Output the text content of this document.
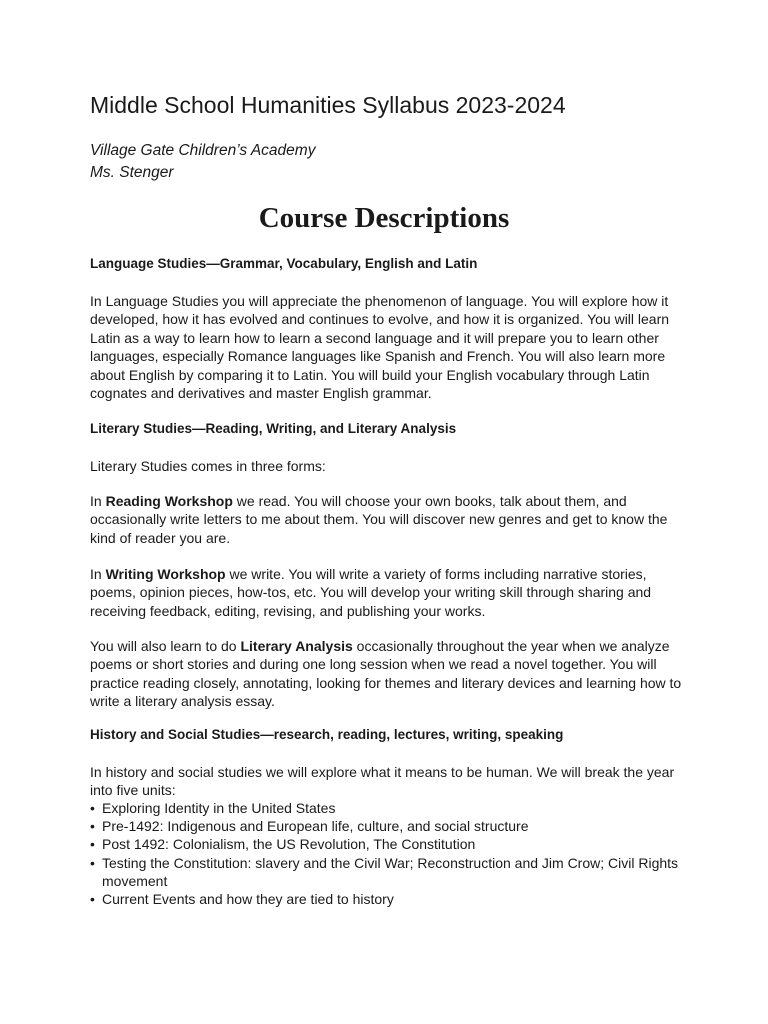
Middle School Humanities Syllabus 2023-2024

Village Gate Children’s Academy

Ms. Stenger

Course Descriptions
Language Studies—Grammar, Vocabulary, English and Latin

In Language Studies you will appreciate the phenomenon of language. You will explore how it developed, how it has evolved and continues to evolve, and how it is organized. You will learn Latin as a way to learn how to learn a second language and it will prepare you to learn other languages, especially Romance languages like Spanish and French. You will also learn more about English by comparing it to Latin. You will build your English vocabulary through Latin cognates and derivatives and master English grammar.

Literary Studies—Reading, Writing, and Literary Analysis

Literary Studies comes in three forms:

In Reading Workshop we read. You will choose your own books, talk about them, and occasionally write letters to me about them. You will discover new genres and get to know the kind of reader you are.

In Writing Workshop we write. You will write a variety of forms including narrative stories, poems, opinion pieces, how-tos, etc. You will develop your writing skill through sharing and receiving feedback, editing, revising, and publishing your works.

You will also learn to do Literary Analysis occasionally throughout the year when we analyze poems or short stories and during one long session when we read a novel together. You will practice reading closely, annotating, looking for themes and literary devices and learning how to write a literary analysis essay.

History and Social Studies—research, reading, lectures, writing, speaking

In history and social studies we will explore what it means to be human. We will break the year into five units:

• Exploring Identity in the United States
• Pre-1492: Indigenous and European life, culture, and social structure
• Post 1492: Colonialism, the US Revolution, The Constitution
• Testing the Constitution: slavery and the Civil War; Reconstruction and Jim Crow; Civil Rights movement
• Current Events and how they are tied to history
